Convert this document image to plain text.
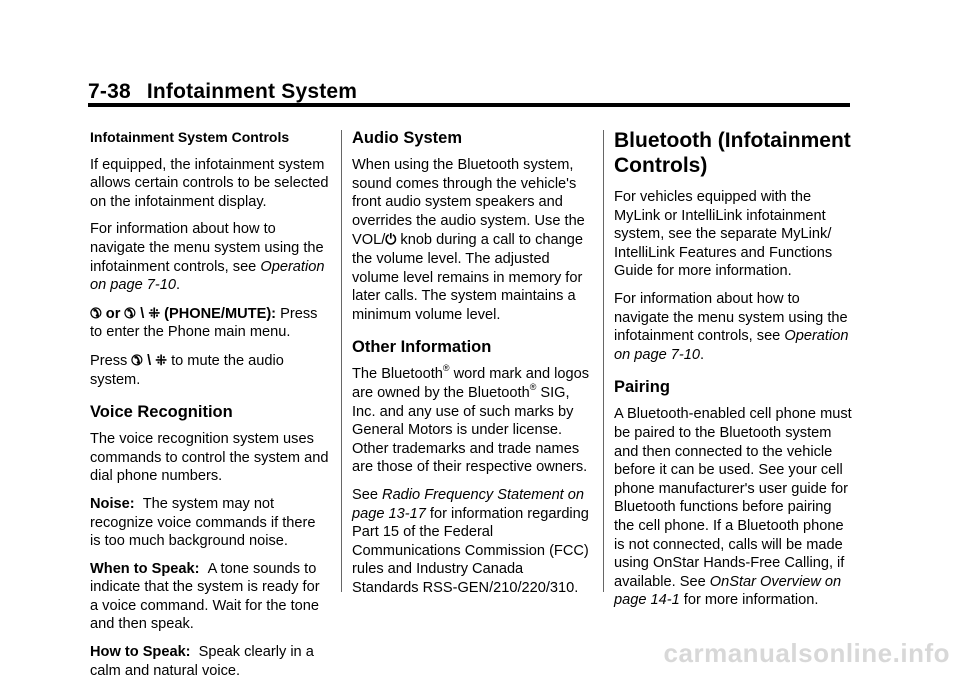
7-38 Infotainment System

Infotainment System Controls

If equipped, the infotainment system allows certain controls to be selected on the infotainment display.

For information about how to navigate the menu system using the infotainment controls, see Operation on page 7-10.

✆ or ✆ \ ⁜ (PHONE/MUTE): Press to enter the Phone main menu.

Press ✆ \ ⁜ to mute the audio system.

Voice Recognition

The voice recognition system uses commands to control the system and dial phone numbers.

Noise: The system may not recognize voice commands if there is too much background noise.

When to Speak: A tone sounds to indicate that the system is ready for a voice command. Wait for the tone and then speak.

How to Speak: Speak clearly in a calm and natural voice.

Audio System

When using the Bluetooth system, sound comes through the vehicle's front audio system speakers and overrides the audio system. Use the VOL/⏻ knob during a call to change the volume level. The adjusted volume level remains in memory for later calls. The system maintains a minimum volume level.

Other Information

The Bluetooth® word mark and logos are owned by the Bluetooth® SIG, Inc. and any use of such marks by General Motors is under license. Other trademarks and trade names are those of their respective owners.

See Radio Frequency Statement on page 13-17 for information regarding Part 15 of the Federal Communications Commission (FCC) rules and Industry Canada Standards RSS-GEN/210/220/310.

Bluetooth (Infotainment Controls)

For vehicles equipped with the MyLink or IntelliLink infotainment system, see the separate MyLink/ IntelliLink Features and Functions Guide for more information.

For information about how to navigate the menu system using the infotainment controls, see Operation on page 7-10.

Pairing

A Bluetooth-enabled cell phone must be paired to the Bluetooth system and then connected to the vehicle before it can be used. See your cell phone manufacturer's user guide for Bluetooth functions before pairing the cell phone. If a Bluetooth phone is not connected, calls will be made using OnStar Hands-Free Calling, if available. See OnStar Overview on page 14-1 for more information.

carmanualsonline.info
